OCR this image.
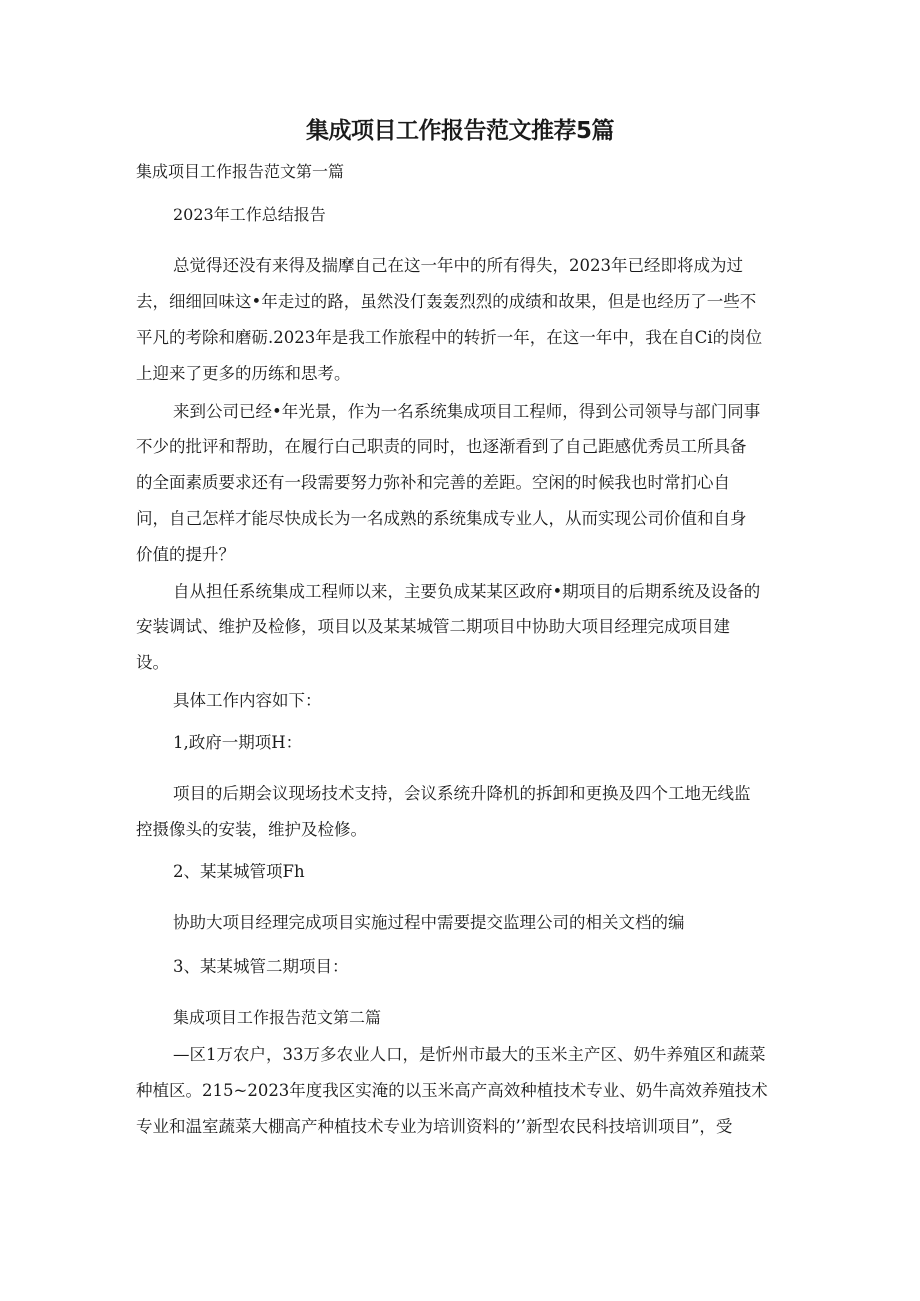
集成项目工作报告范文推荐5篇

集成项目工作报告范文第一篇

2023年工作总结报告

总觉得还没有来得及揣摩自己在这一年中的所有得失，2023年已经即将成为过

去，细细回味这•年走过的路，虽然没仃轰轰烈烈的成绩和故果，但是也经历了一些不

平凡的考除和磨砺.2023年是我工作旅程中的转折一年，在这一年中，我在自Ci的岗位

上迎来了更多的历练和思考。

来到公司已经•年光景，作为一名系统集成项目工程师，得到公司领导与部门同事

不少的批评和帮助，在履行白己职责的同时，也逐渐看到了自己距感优秀员工所具备

的全面素质要求还有一段需要努力弥补和完善的差距。空闲的时候我也时常扪心自

问，自己怎样才能尽快成长为一名成熟的系统集成专业人，从而实现公司价值和自身

价值的提升？

自从担任系统集成工程师以来，主要负成某某区政府•期项目的后期系统及设备的

安装调试、维护及检修，项目以及某某城管二期项目中协助大项目经理完成项目建

设。

具体工作内容如下：

1,政府一期项H：

项目的后期会议现场技术支持，会议系统升降机的拆卸和更换及四个工地无线监

控摄像头的安装，维护及检修。

2、某某城管项Fh

协助大项目经理完成项目实施过程中需要提交监理公司的相关文档的编

3、某某城管二期项目：

集成项目工作报告范文第二篇

—区1万农户，33万多农业人口，是忻州市最大的玉米主产区、奶牛养殖区和蔬菜

种植区。215~2023年度我区实淹的以玉米高产高效种植技术专业、奶牛高效养殖技术

专业和温室蔬菜大棚高产种植技术专业为培训资料的’’新型农民科技培训项目”，受
